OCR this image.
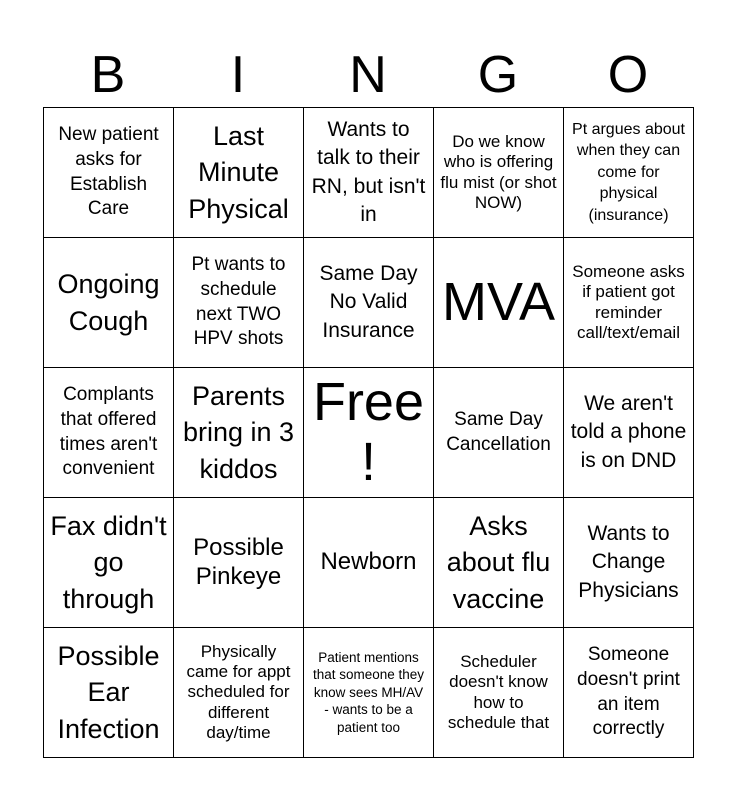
B	I	N	G	O
New patient asks for Establish Care	Last Minute Physical	Wants to talk to their RN, but isn't in	Do we know who is offering flu mist (or shot NOW)	Pt argues about when they can come for physical (insurance)
Ongoing Cough	Pt wants to schedule next TWO HPV shots	Same Day No Valid Insurance	MVA	Someone asks if patient got reminder call/text/email
Complants that offered times aren't convenient	Parents bring in 3 kiddos	Free!	Same Day Cancellation	We aren't told a phone is on DND
Fax didn't go through	Possible Pinkeye	Newborn	Asks about flu vaccine	Wants to Change Physicians
Possible Ear Infection	Physically came for appt scheduled for different day/time	Patient mentions that someone they know sees MH/AV - wants to be a patient too	Scheduler doesn't know how to schedule that	Someone doesn't print an item correctly
